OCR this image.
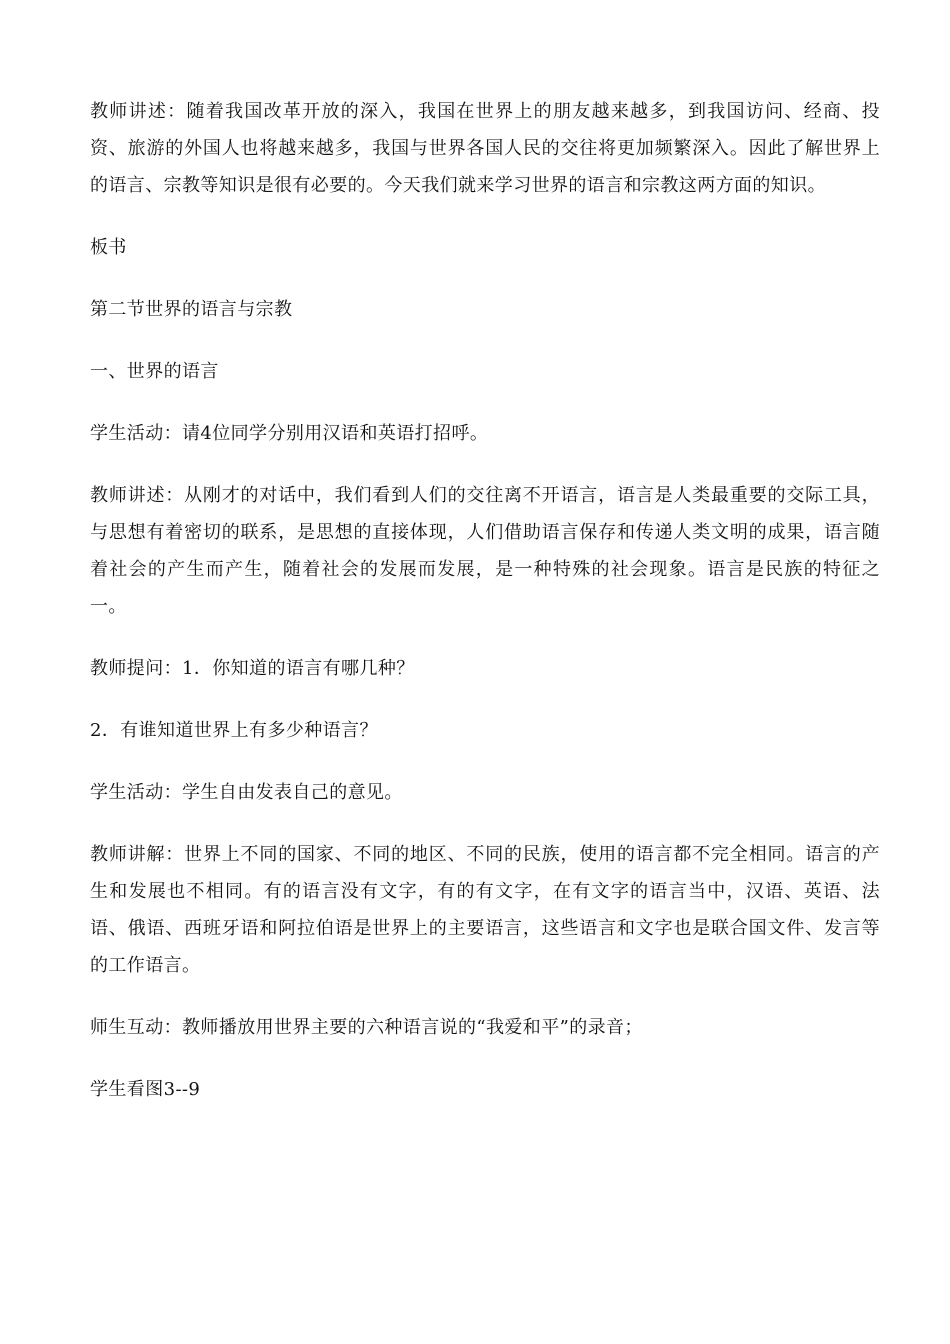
教师讲述：随着我国改革开放的深入，我国在世界上的朋友越来越多，到我国访问、经商、投资、旅游的外国人也将越来越多，我国与世界各国人民的交往将更加频繁深入。因此了解世界上的语言、宗教等知识是很有必要的。今天我们就来学习世界的语言和宗教这两方面的知识。

板书

第二节世界的语言与宗教

一、世界的语言

学生活动：请4位同学分别用汉语和英语打招呼。

教师讲述：从刚才的对话中，我们看到人们的交往离不开语言，语言是人类最重要的交际工具，与思想有着密切的联系，是思想的直接体现，人们借助语言保存和传递人类文明的成果，语言随着社会的产生而产生，随着社会的发展而发展，是一种特殊的社会现象。语言是民族的特征之一。

教师提问：1．你知道的语言有哪几种？

2．有谁知道世界上有多少种语言？

学生活动：学生自由发表自己的意见。

教师讲解：世界上不同的国家、不同的地区、不同的民族，使用的语言都不完全相同。语言的产生和发展也不相同。有的语言没有文字，有的有文字，在有文字的语言当中，汉语、英语、法语、俄语、西班牙语和阿拉伯语是世界上的主要语言，这些语言和文字也是联合国文件、发言等的工作语言。

师生互动：教师播放用世界主要的六种语言说的“我爱和平”的录音；

学生看图3--9
